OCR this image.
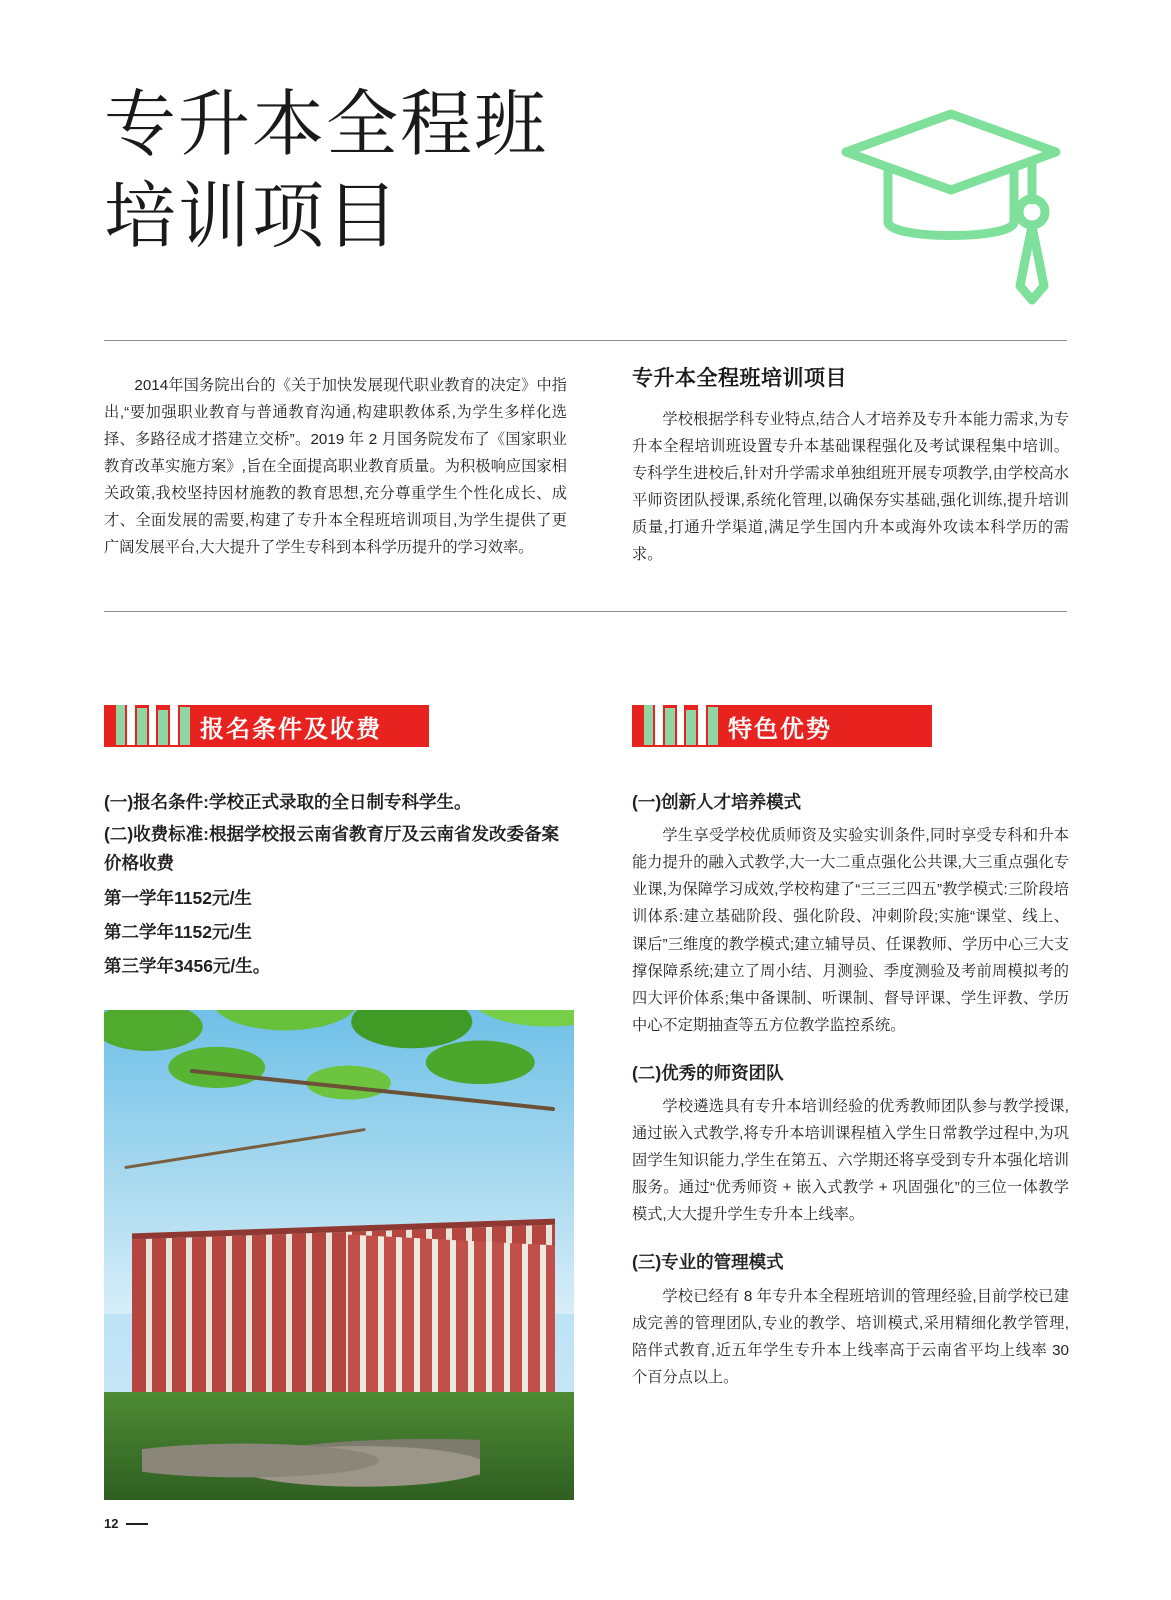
专升本全程班
培训项目

2014年国务院出台的《关于加快发展现代职业教育的决定》中指出,“要加强职业教育与普通教育沟通,构建职教体系,为学生多样化选择、多路径成才搭建立交桥”。2019 年 2 月国务院发布了《国家职业教育改革实施方案》,旨在全面提高职业教育质量。为积极响应国家相关政策,我校坚持因材施教的教育思想,充分尊重学生个性化成长、成才、全面发展的需要,构建了专升本全程班培训项目,为学生提供了更广阔发展平台,大大提升了学生专科到本科学历提升的学习效率。

专升本全程班培训项目

学校根据学科专业特点,结合人才培养及专升本能力需求,为专升本全程培训班设置专升本基础课程强化及考试课程集中培训。专科学生进校后,针对升学需求单独组班开展专项教学,由学校高水平师资团队授课,系统化管理,以确保夯实基础,强化训练,提升培训质量,打通升学渠道,满足学生国内升本或海外攻读本科学历的需求。

报名条件及收费	特色优势

(一)报名条件:学校正式录取的全日制专科学生。

(二)收费标准:根据学校报云南省教育厅及云南省发改委备案价格收费

第一学年1152元/生

第二学年1152元/生

第三学年3456元/生。

(一)创新人才培养模式

学生享受学校优质师资及实验实训条件,同时享受专科和升本能力提升的融入式教学,大一大二重点强化公共课,大三重点强化专业课,为保障学习成效,学校构建了“三三三四五”教学模式:三阶段培训体系:建立基础阶段、强化阶段、冲刺阶段;实施“课堂、线上、课后”三维度的教学模式;建立辅导员、任课教师、学历中心三大支撑保障系统;建立了周小结、月测验、季度测验及考前周模拟考的四大评价体系;集中备课制、听课制、督导评课、学生评教、学历中心不定期抽查等五方位教学监控系统。

(二)优秀的师资团队

学校遴选具有专升本培训经验的优秀教师团队参与教学授课,通过嵌入式教学,将专升本培训课程植入学生日常教学过程中,为巩固学生知识能力,学生在第五、六学期还将享受到专升本强化培训服务。通过“优秀师资 + 嵌入式教学 + 巩固强化”的三位一体教学模式,大大提升学生专升本上线率。

(三)专业的管理模式

学校已经有 8 年专升本全程班培训的管理经验,目前学校已建成完善的管理团队,专业的教学、培训模式,采用精细化教学管理,陪伴式教育,近五年学生专升本上线率高于云南省平均上线率 30 个百分点以上。

12
